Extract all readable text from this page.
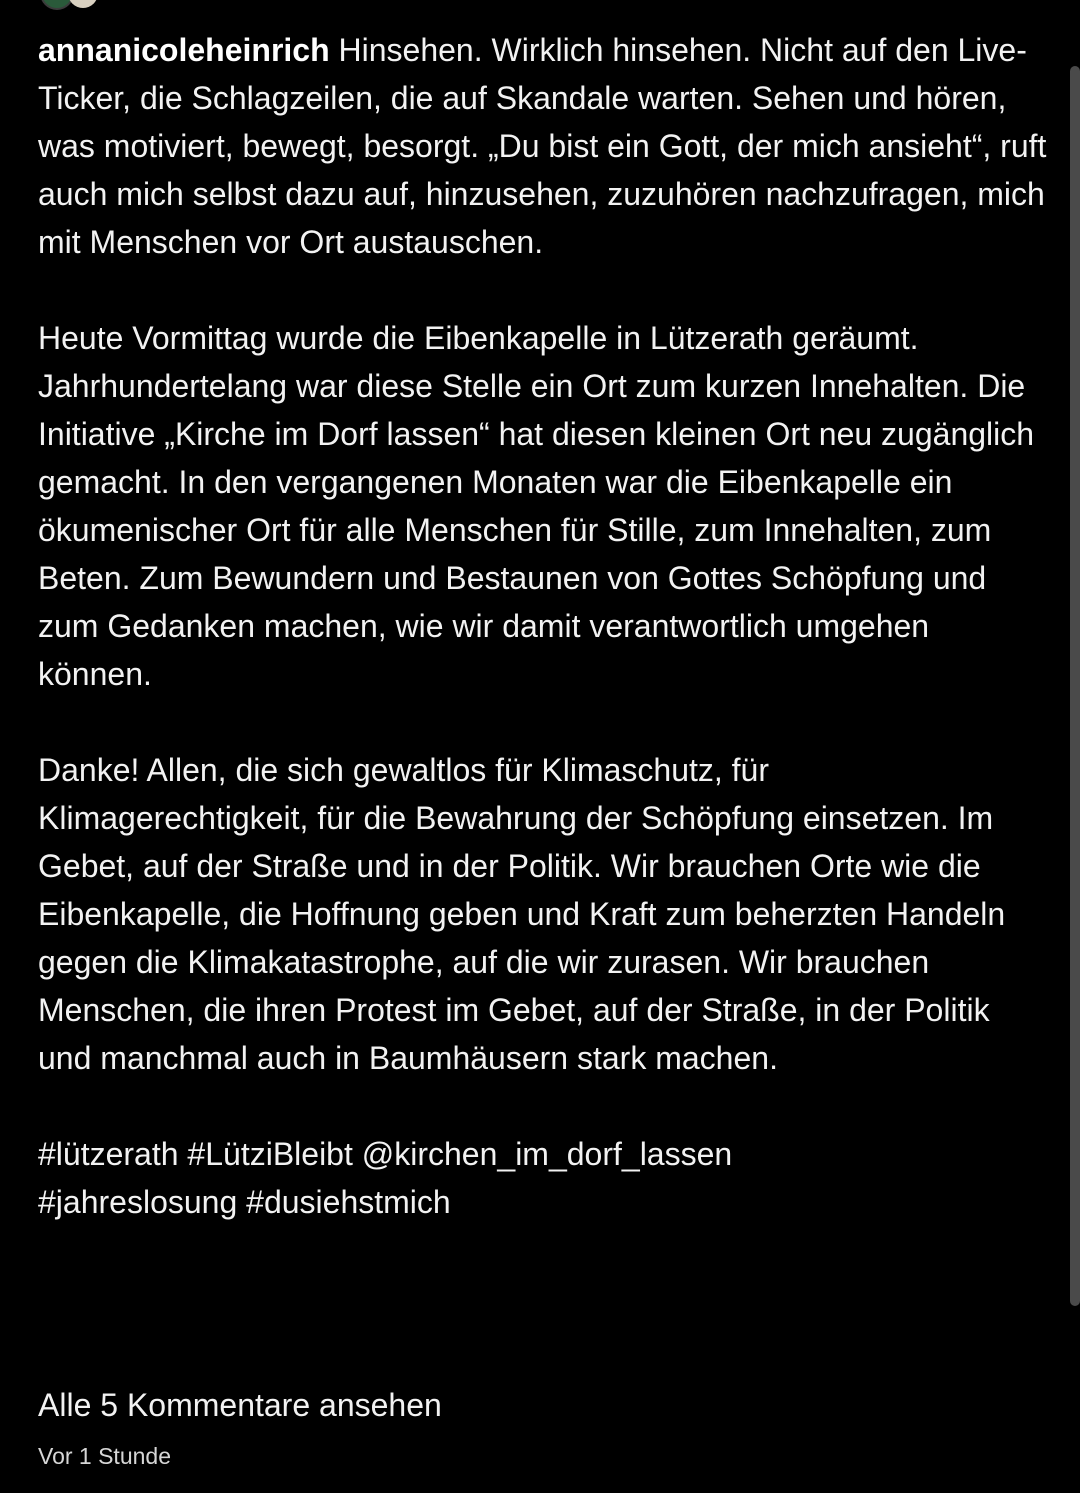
annanicoleheinrich Hinsehen. Wirklich hinsehen. Nicht auf den Live-Ticker, die Schlagzeilen, die auf Skandale warten. Sehen und hören, was motiviert, bewegt, besorgt. „Du bist ein Gott, der mich ansieht“, ruft auch mich selbst dazu auf, hinzusehen, zuzuhören nachzufragen, mich mit Menschen vor Ort austauschen.

Heute Vormittag wurde die Eibenkapelle in Lützerath geräumt. Jahrhundertelang war diese Stelle ein Ort zum kurzen Innehalten. Die Initiative „Kirche im Dorf lassen“ hat diesen kleinen Ort neu zugänglich gemacht. In den vergangenen Monaten war die Eibenkapelle ein ökumenischer Ort für alle Menschen für Stille, zum Innehalten, zum Beten. Zum Bewundern und Bestaunen von Gottes Schöpfung und zum Gedanken machen, wie wir damit verantwortlich umgehen können.

Danke! Allen, die sich gewaltlos für Klimaschutz, für Klimagerechtigkeit, für die Bewahrung der Schöpfung einsetzen. Im Gebet, auf der Straße und in der Politik. Wir brauchen Orte wie die Eibenkapelle, die Hoffnung geben und Kraft zum beherzten Handeln gegen die Klimakatastrophe, auf die wir zurasen. Wir brauchen Menschen, die ihren Protest im Gebet, auf der Straße, in der Politik und manchmal auch in Baumhäusern stark machen.

#lützerath #LütziBleibt @kirchen_im_dorf_lassen
#jahreslosung #dusiehstmich

Alle 5 Kommentare ansehen
Vor 1 Stunde
